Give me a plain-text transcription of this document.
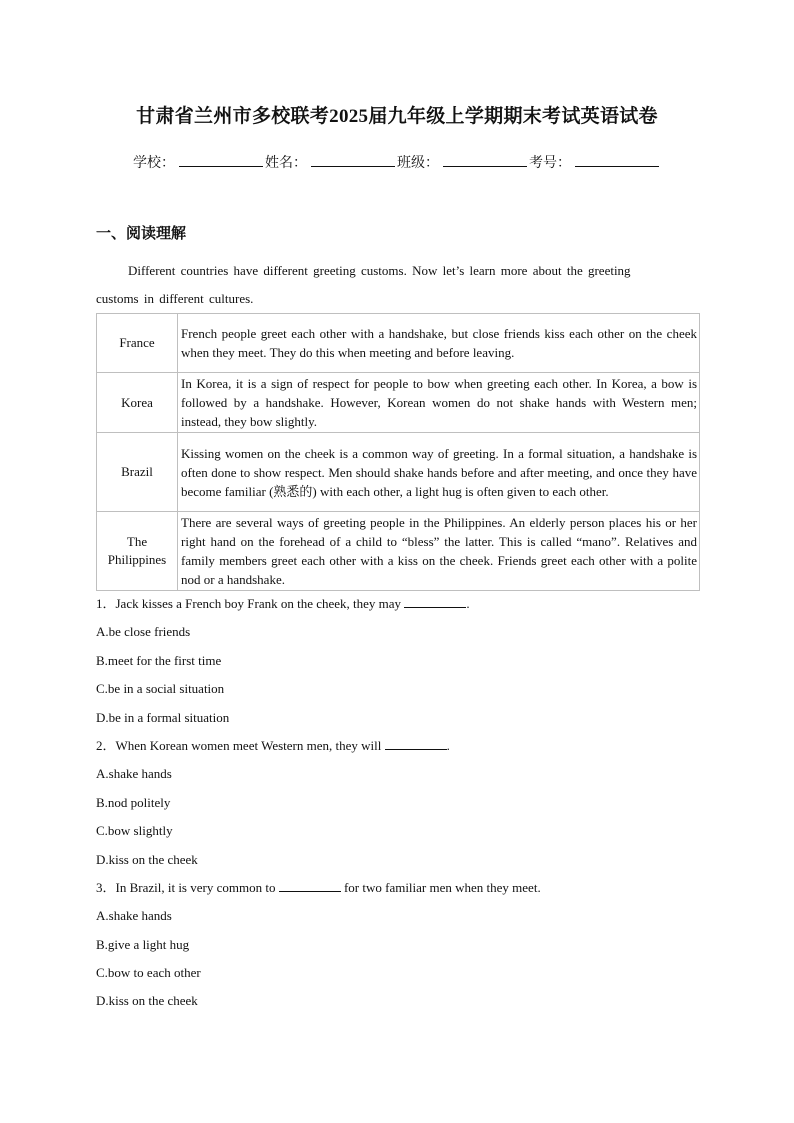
甘肃省兰州市多校联考2025届九年级上学期期末考试英语试卷
学校：	姓名：	班级：	考号：
一、阅读理解
Different countries have different greeting customs. Now let’s learn more about the greeting customs in different cultures.
France	French people greet each other with a handshake, but close friends kiss each other on the cheek when they meet. They do this when meeting and before leaving.
Korea	In Korea, it is a sign of respect for people to bow when greeting each other. In Korea, a bow is followed by a handshake. However, Korean women do not shake hands with Western men; instead, they bow slightly.
Brazil	Kissing women on the cheek is a common way of greeting. In a formal situation, a handshake is often done to show respect. Men should shake hands before and after meeting, and once they have become familiar (熟悉的) with each other, a light hug is often given to each other.
The Philippines	There are several ways of greeting people in the Philippines. An elderly person places his or her right hand on the forehead of a child to “bless” the latter. This is called “mano”. Relatives and family members greet each other with a kiss on the cheek. Friends greet each other with a polite nod or a handshake.
1．Jack kisses a French boy Frank on the cheek, they may	.
A.be close friends
B.meet for the first time
C.be in a social situation
D.be in a formal situation
2．When Korean women meet Western men, they will	.
A.shake hands
B.nod politely
C.bow slightly
D.kiss on the cheek
3．In Brazil, it is very common to	for two familiar men when they meet.
A.shake hands
B.give a light hug
C.bow to each other
D.kiss on the cheek
